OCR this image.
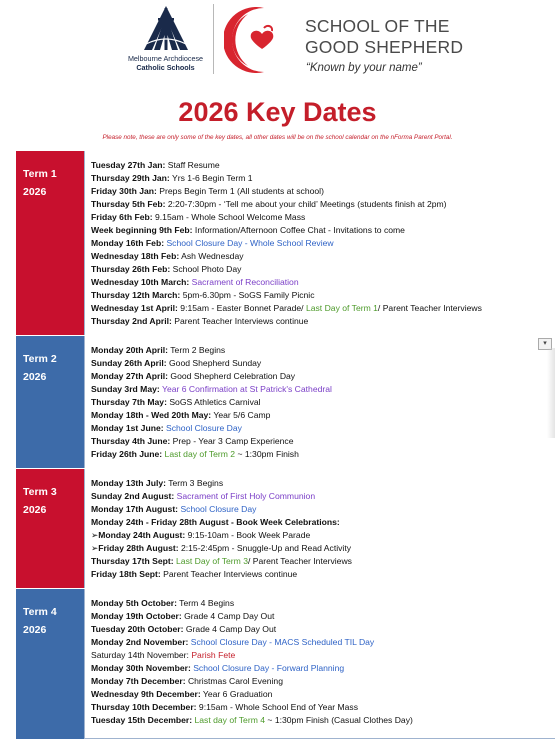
Melbourne Archdiocese
Catholic Schools
SCHOOL OF THE
GOOD SHEPHERD
“Known by your name”
2026 Key Dates
Please note, these are only some of the key dates, all other dates will be on the school calendar on the nForma Parent Portal.
Term 1
2026
Tuesday 27th Jan: Staff Resume
Thursday 29th Jan: Yrs 1-6 Begin Term 1
Friday 30th Jan: Preps Begin Term 1 (All students at school)
Thursday 5th Feb: 2:20-7:30pm - ‘Tell me about your child’ Meetings (students finish at 2pm)
Friday 6th Feb: 9.15am - Whole School Welcome Mass
Week beginning 9th Feb: Information/Afternoon Coffee Chat - Invitations to come
Monday 16th Feb: School Closure Day - Whole School Review
Wednesday 18th Feb: Ash Wednesday
Thursday 26th Feb: School Photo Day
Wednesday 10th March: Sacrament of Reconciliation
Thursday 12th March: 5pm-6.30pm - SoGS Family Picnic
Wednesday 1st April: 9:15am - Easter Bonnet Parade/ Last Day of Term 1/ Parent Teacher Interviews
Thursday 2nd April: Parent Teacher Interviews continue
Term 2
2026
Monday 20th April: Term 2 Begins
Sunday 26th April: Good Shepherd Sunday
Monday 27th April: Good Shepherd Celebration Day
Sunday 3rd May: Year 6 Confirmation at St Patrick's Cathedral
Thursday 7th May: SoGS Athletics Carnival
Monday 18th - Wed 20th May: Year 5/6 Camp
Monday 1st June: School Closure Day
Thursday 4th June: Prep - Year 3 Camp Experience
Friday 26th June: Last day of Term 2 ~ 1:30pm Finish
Term 3
2026
Monday 13th July: Term 3 Begins
Sunday 2nd August: Sacrament of First Holy Communion
Monday 17th August: School Closure Day
Monday 24th - Friday 28th August - Book Week Celebrations:
➢Monday 24th August: 9:15-10am - Book Week Parade
➢Friday 28th August: 2:15-2:45pm - Snuggle-Up and Read Activity
Thursday 17th Sept: Last Day of Term 3/ Parent Teacher Interviews
Friday 18th Sept: Parent Teacher Interviews continue
Term 4
2026
Monday 5th October: Term 4 Begins
Monday 19th October: Grade 4 Camp Day Out
Tuesday 20th October: Grade 4 Camp Day Out
Monday 2nd November: School Closure Day - MACS Scheduled TIL Day
Saturday 14th November: Parish Fete
Monday 30th November: School Closure Day - Forward Planning
Monday 7th December: Christmas Carol Evening
Wednesday 9th December: Year 6 Graduation
Thursday 10th December: 9:15am - Whole School End of Year Mass
Tuesday 15th December: Last day of Term 4 ~ 1:30pm Finish (Casual Clothes Day)
▾
